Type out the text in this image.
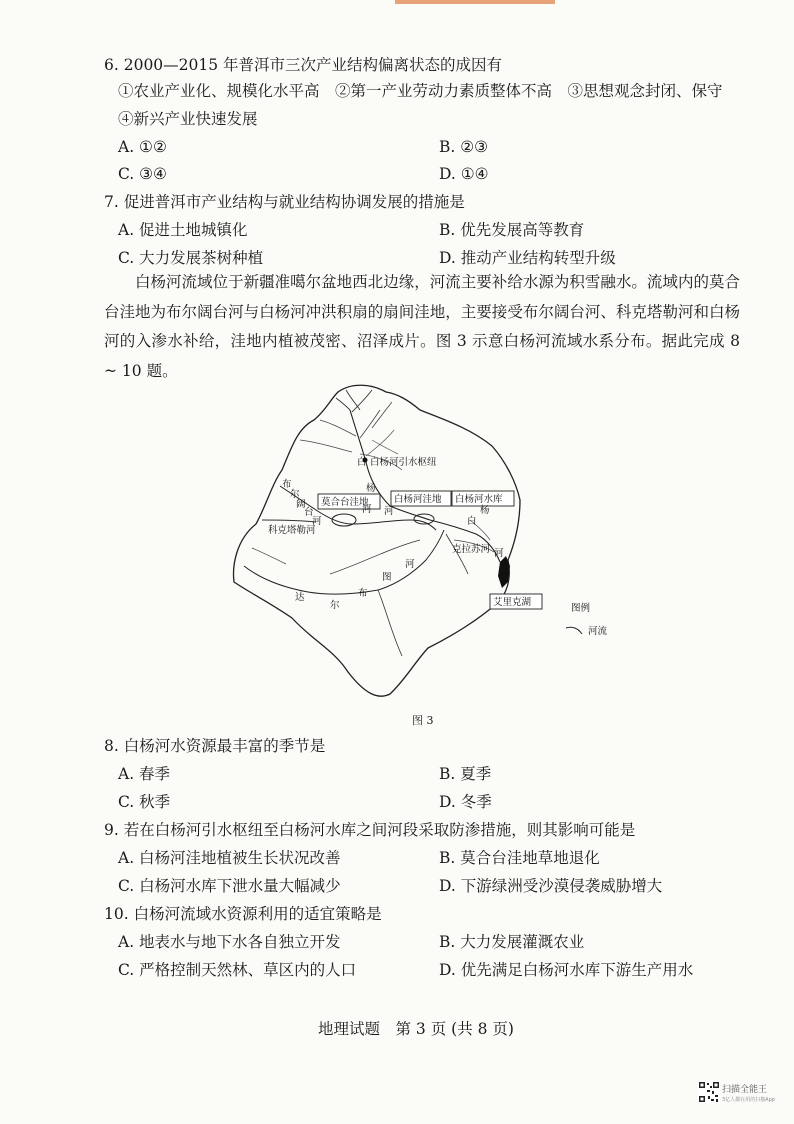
6. 2000—2015 年普洱市三次产业结构偏离状态的成因有
①农业产业化、规模化水平高　②第一产业劳动力素质整体不高　③思想观念封闭、保守
④新兴产业快速发展
A. ①②	B. ②③
C. ③④	D. ①④
7. 促进普洱市产业结构与就业结构协调发展的措施是
A. 促进土地城镇化	B. 优先发展高等教育
C. 大力发展茶树种植	D. 推动产业结构转型升级
白杨河流域位于新疆准噶尔盆地西北边缘，河流主要补给水源为积雪融水。流域内的莫合台洼地为布尔阔台河与白杨河冲洪积扇的扇间洼地，主要接受布尔阔台河、科克塔勒河和白杨河的入渗水补给，洼地内植被茂密、沼泽成片。图 3 示意白杨河流域水系分布。据此完成 8 ~ 10 题。
莫合台洼地	白杨河洼地 白杨河水库
艾里克湖
白 白杨河引水枢纽
杨
河
白
杨
河
布
尔
阔
台
河
科克塔勒河
克拉苏河
达
尔
布
图
河
河
图例
河流
图 3
8. 白杨河水资源最丰富的季节是
A. 春季	B. 夏季
C. 秋季	D. 冬季
9. 若在白杨河引水枢纽至白杨河水库之间河段采取防渗措施，则其影响可能是
A. 白杨河洼地植被生长状况改善	B. 莫合台洼地草地退化
C. 白杨河水库下泄水量大幅减少	D. 下游绿洲受沙漠侵袭威胁增大
10. 白杨河流域水资源利用的适宜策略是
A. 地表水与地下水各自独立开发	B. 大力发展灌溉农业
C. 严格控制天然林、草区内的人口	D. 优先满足白杨河水库下游生产用水
地理试题　第 3 页 (共 8 页)
扫描全能王
3亿人都在用的扫描App
